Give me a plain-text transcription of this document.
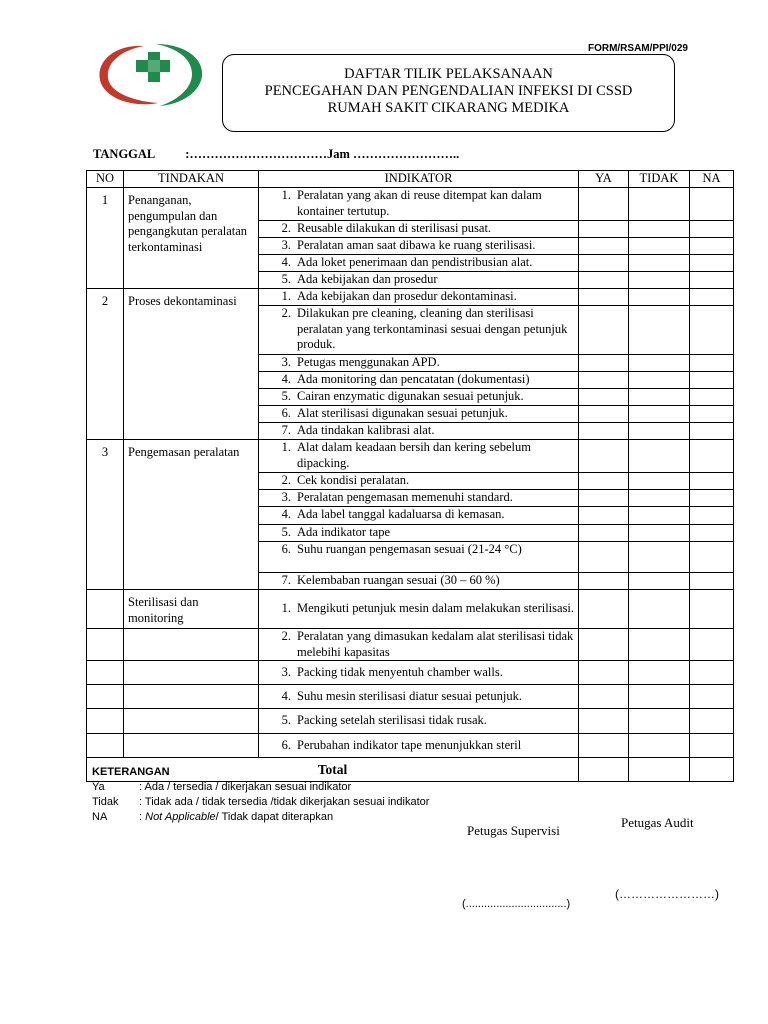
FORM/RSAM/PPI/029
DAFTAR TILIK PELAKSANAAN
PENCEGAHAN DAN PENGENDALIAN INFEKSI DI CSSD
RUMAH SAKIT CIKARANG MEDIKA
TANGGAL :……………………………Jam ……………………..
NO	TINDAKAN	INDIKATOR	YA	TIDAK	NA
1	Penanganan, pengumpulan dan pengangkutan peralatan terkontaminasi	1. Peralatan yang akan di reuse ditempat kan dalam kontainer tertutup.			

		2. Reusable dilakukan di sterilisasi pusat.			

		3. Peralatan aman saat dibawa ke ruang sterilisasi.			

		4. Ada loket penerimaan dan pendistribusian alat.			

		5. Ada kebijakan dan prosedur			

2	Proses dekontaminasi	1. Ada kebijakan dan prosedur dekontaminasi.			

		2. Dilakukan pre cleaning, cleaning dan sterilisasi peralatan yang terkontaminasi sesuai dengan petunjuk produk.			

		3. Petugas menggunakan APD.			

		4. Ada monitoring dan pencatatan (dokumentasi)			

		5. Cairan enzymatic digunakan sesuai petunjuk.			

		6. Alat sterilisasi digunakan sesuai petunjuk.			

		7. Ada tindakan kalibrasi alat.			

3	Pengemasan peralatan	1. Alat dalam keadaan bersih dan kering sebelum dipacking.			

		2. Cek kondisi peralatan.			

		3. Peralatan pengemasan memenuhi standard.			

		4. Ada label tanggal kadaluarsa di kemasan.			

		5. Ada indikator tape			

		6. Suhu ruangan pengemasan sesuai (21-24 °C)			

		7. Kelembaban ruangan sesuai (30 – 60 %)			

	Sterilisasi dan monitoring	1. Mengikuti petunjuk mesin dalam melakukan sterilisasi.			

		2. Peralatan yang dimasukan kedalam alat sterilisasi tidak melebihi kapasitas			

		3. Packing tidak menyentuh chamber walls.			

		4. Suhu mesin sterilisasi diatur sesuai petunjuk.			

		5. Packing setelah sterilisasi tidak rusak.			

		6. Perubahan indikator tape menunjukkan steril			

Total					
KETERANGAN
Ya	: Ada / tersedia / dikerjakan sesuai indikator
Tidak : Tidak ada / tidak tersedia /tidak dikerjakan sesuai indikator
NA	: Not Applicable/ Tidak dapat diterapkan
Petugas Supervisi
Petugas Audit
(.................................)
(……………………)
